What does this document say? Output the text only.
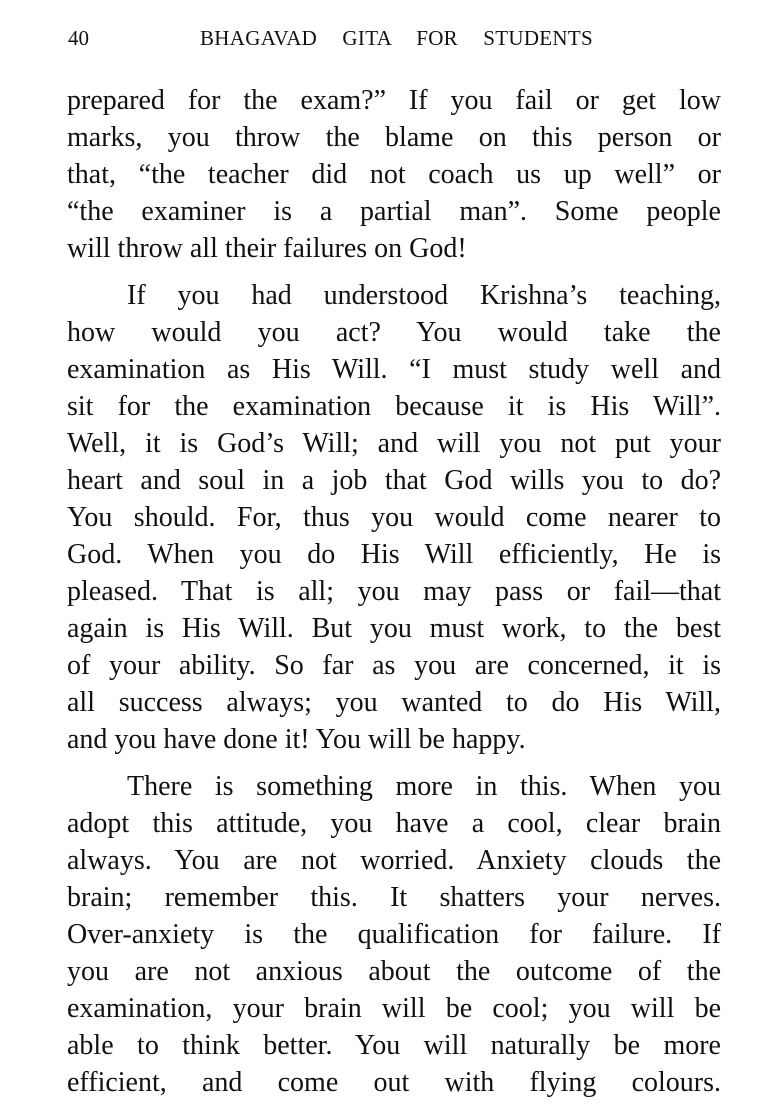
40	BHAGAVAD GITA FOR STUDENTS
prepared for the exam?” If you fail or get low
marks, you throw the blame on this person or
that, “the teacher did not coach us up well” or
“the examiner is a partial man”. Some people
will throw all their failures on God!
If you had understood Krishna’s teaching,
how would you act? You would take the
examination as His Will. “I must study well and
sit for the examination because it is His Will”.
Well, it is God’s Will; and will you not put your
heart and soul in a job that God wills you to do?
You should. For, thus you would come nearer to
God. When you do His Will efficiently, He is
pleased. That is all; you may pass or fail—that
again is His Will. But you must work, to the best
of your ability. So far as you are concerned, it is
all success always; you wanted to do His Will,
and you have done it! You will be happy.
There is something more in this. When you
adopt this attitude, you have a cool, clear brain
always. You are not worried. Anxiety clouds the
brain; remember this. It shatters your nerves.
Over-anxiety is the qualification for failure. If
you are not anxious about the outcome of the
examination, your brain will be cool; you will be
able to think better. You will naturally be more
efficient, and come out with flying colours.
